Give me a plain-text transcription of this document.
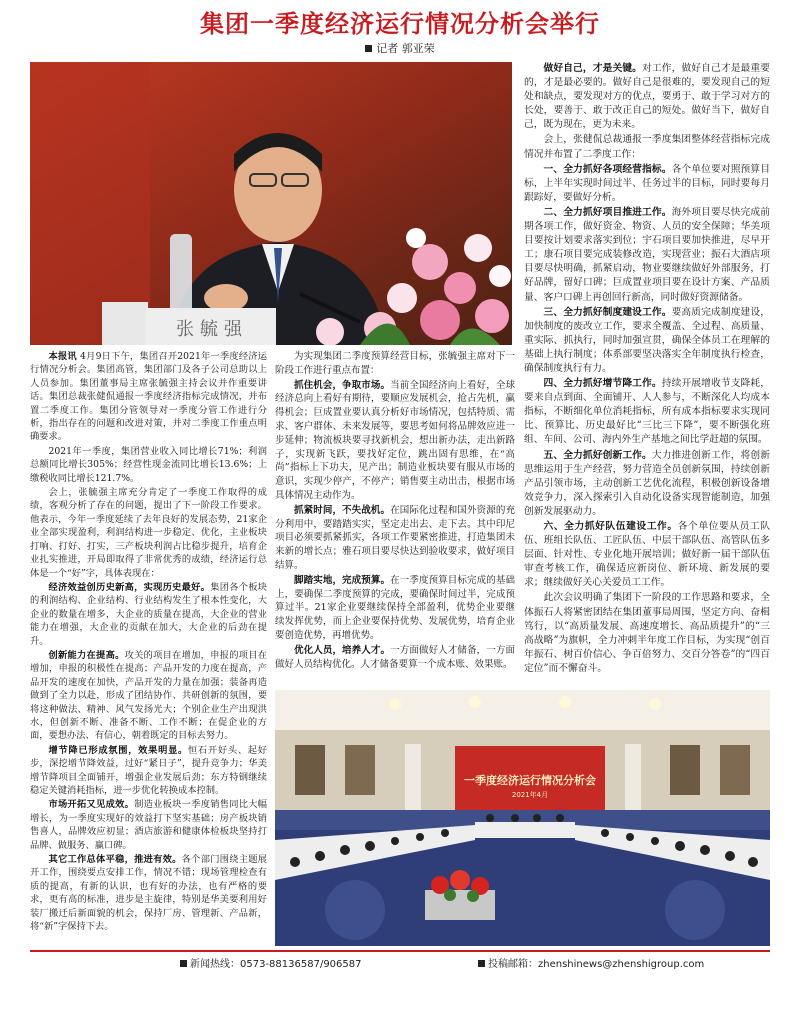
集团一季度经济运行情况分析会举行
记者 郭亚荣
张毓强

本报讯 4月9日下午，集团召开2021年一季度经济运行情况分析会。集团高管，集团部门及各子公司总助以上人员参加。集团董事局主席张毓强主持会议并作重要讲话。集团总裁张健侃通报一季度经济指标完成情况，并布置二季度工作。集团分管领导对一季度分管工作进行分析，指出存在的问题和改进对策，并对二季度工作重点明确要求。

2021年一季度，集团营业收入同比增长71%；利润总额同比增长305%；经营性现金流同比增长13.6%；上缴税收同比增长121.7%。

会上，张毓强主席充分肯定了一季度工作取得的成绩，客观分析了存在的问题，提出了下一阶段工作要求。他表示，今年一季度延续了去年良好的发展态势，21家企业全部实现盈利，利润结构进一步稳定、优化，主业板块打响、打好、打实，三产板块利润占比稳步提升，培育企业扎实推进，开局即取得了非常优秀的成绩，经济运行总体是一个“好”字，具体表现在：

经济效益创历史新高，实现历史最好。集团各个板块的利润结构、企业结构、行业结构发生了根本性变化，大企业的数量在增多，大企业的质量在提高，大企业的营业能力在增强，大企业的贡献在加大，大企业的后劲在提升。

创新能力在提高。攻关的项目在增加，申报的项目在增加，申报的积极性在提高；产品开发的力度在提高，产品开发的速度在加快，产品开发的力量在加强；装备再造做到了全力以赴，形成了团结协作、共研创新的氛围，要将这种做法、精神、风气发扬光大；个别企业生产出现洪水，但创新不断、准备不断、工作不断；在促企业的方面，要想办法、有信心，朝着既定的目标去努力。

增节降已形成氛围，效果明显。恒石开好头、起好步，深挖增节降效益，过好“紧日子”，提升竞争力；华美增节降项目全面铺开，增强企业发展后劲；东方特钢继续稳定关键消耗指标，进一步优化转换成本控制。

市场开拓又见成效。制造业板块一季度销售同比大幅增长，为一季度实现好的效益打下坚实基础；房产板块销售喜人，品牌效应初显；酒店旅游和健康体检板块坚持打品牌、做服务、赢口碑。

其它工作总体平稳，推进有效。各个部门围绕主题展开工作，围绕要点安排工作，情况不错；现场管理检查有质的提高，有新的认识，也有好的办法，也有严格的要求，更有高的标准，进步是主旋律，特别是华美要利用好装厂搬迁后新面貌的机会，保持厂房、管理新、产品新，将“新”字保持下去。

为实现集团二季度预算经营目标，张毓强主席对下一阶段工作进行重点布置：

抓住机会，争取市场。当前全国经济向上看好，全球经济总向上看好有期待，要顺应发展机会，抢占先机，赢得机会；巨成置业要认真分析好市场情况，包括特质、需求、客户群体、未来发展等，要思考如何将品牌效应进一步延伸；物流板块要寻找新机会，想出新办法，走出新路子，实现新飞跃，要找好定位，跳出固有思维，在“高尚”指标上下功夫，见产出；制造业板块要有服从市场的意识，实现少停产，不停产；销售要主动出击，根据市场具体情况主动作为。

抓紧时间，不失战机。在国际化过程和国外资源的充分利用中，要踏踏实实，坚定走出去、走下去。其中印尼项目必须要抓紧抓实，各项工作要紧密推进，打造集团未来新的增长点；雅石项目要尽快达到验收要求，做好项目结算。

脚踏实地，完成预算。在一季度预算目标完成的基础上，要确保二季度预算的完成，要确保时间过半，完成预算过半。21家企业要继续保持全部盈利，优势企业要继续发挥优势，而上企业要保持优势、发展优势，培育企业要创造优势，再增优势。

优化人员，培养人才。一方面做好人才储备，一方面做好人员结构优化。人才储备要算一个成本账、效果账。

做好自己，才是关键。对工作，做好自己才是最重要的，才是最必要的。做好自己是很难的，要发现自己的短处和缺点，要发现对方的优点，要勇于、敢于学习对方的长处，要善于、敢于改正自己的短处。做好当下，做好自己，既为现在，更为未来。

会上，张健侃总裁通报一季度集团整体经营指标完成情况并布置了二季度工作：

一、全力抓好各项经营指标。各个单位要对照预算目标，上半年实现时间过半、任务过半的目标，同时要每月跟踪好，要做好分析。

二、全力抓好项目推进工作。海外项目要尽快完成前期各项工作，做好资金、物资、人员的安全保障；华美项目要按计划要求落实到位；宇石项目要加快推进，尽早开工；康石项目要完成装修改造，实现营业；振石大酒店项目要尽快明确，抓紧启动，物业要继续做好外部服务，打好品牌，留好口碑；巨成置业项目要在设计方案、产品质量、客户口碑上再创回行新高，同时做好资源储备。

三、全力抓好制度建设工作。要高质完成制度建设，加快制度的废改立工作，要求全覆盖、全过程、高质量、重实际、抓执行，同时加强宣贯，确保全体员工在理解的基础上执行制度；体系部要坚决落实全年制度执行检查，确保制度执行有力。

四、全力抓好增节降工作。持续开展增收节支降耗，要来自点到面、全面铺开、人人参与，不断深化人均成本指标，不断细化单位消耗指标，所有成本指标要求实现同比、预算比、历史最好比“三比三下降”，要不断强化班组、车间、公司、海内外生产基地之间比学赶超的氛围。

五、全力抓好创新工作。大力推进创新工作，将创新思维运用于生产经营，努力营造全员创新氛围，持续创新产品引领市场，主动创新工艺优化流程，积极创新设备增效竞争力，深入探索引入自动化设备实现智能制造，加强创新发展驱动力。

六、全力抓好队伍建设工作。各个单位要从员工队伍、班组长队伍、工匠队伍、中层干部队伍、高管队伍多层面、针对性、专业化地开展培训；做好新一届干部队伍审查考核工作，确保适应新岗位、新环境、新发展的要求；继续做好关心关爱员工工作。

此次会议明确了集团下一阶段的工作思路和要求，全体振石人将紧密团结在集团董事局周围，坚定方向、奋楫笃行，以“高质量发展、高速度增长、高品质提升”的“三高战略”为旗帜，全力冲刺半年度工作目标，为实现“创百年振石、树百价信心、争百倍努力、交百分答卷”的“四百定位”而不懈奋斗。

一季度经济运行情况分析会
2021年4月
新闻热线：0573-88136587/906587	投稿邮箱：zhenshinews@zhenshigroup.com
